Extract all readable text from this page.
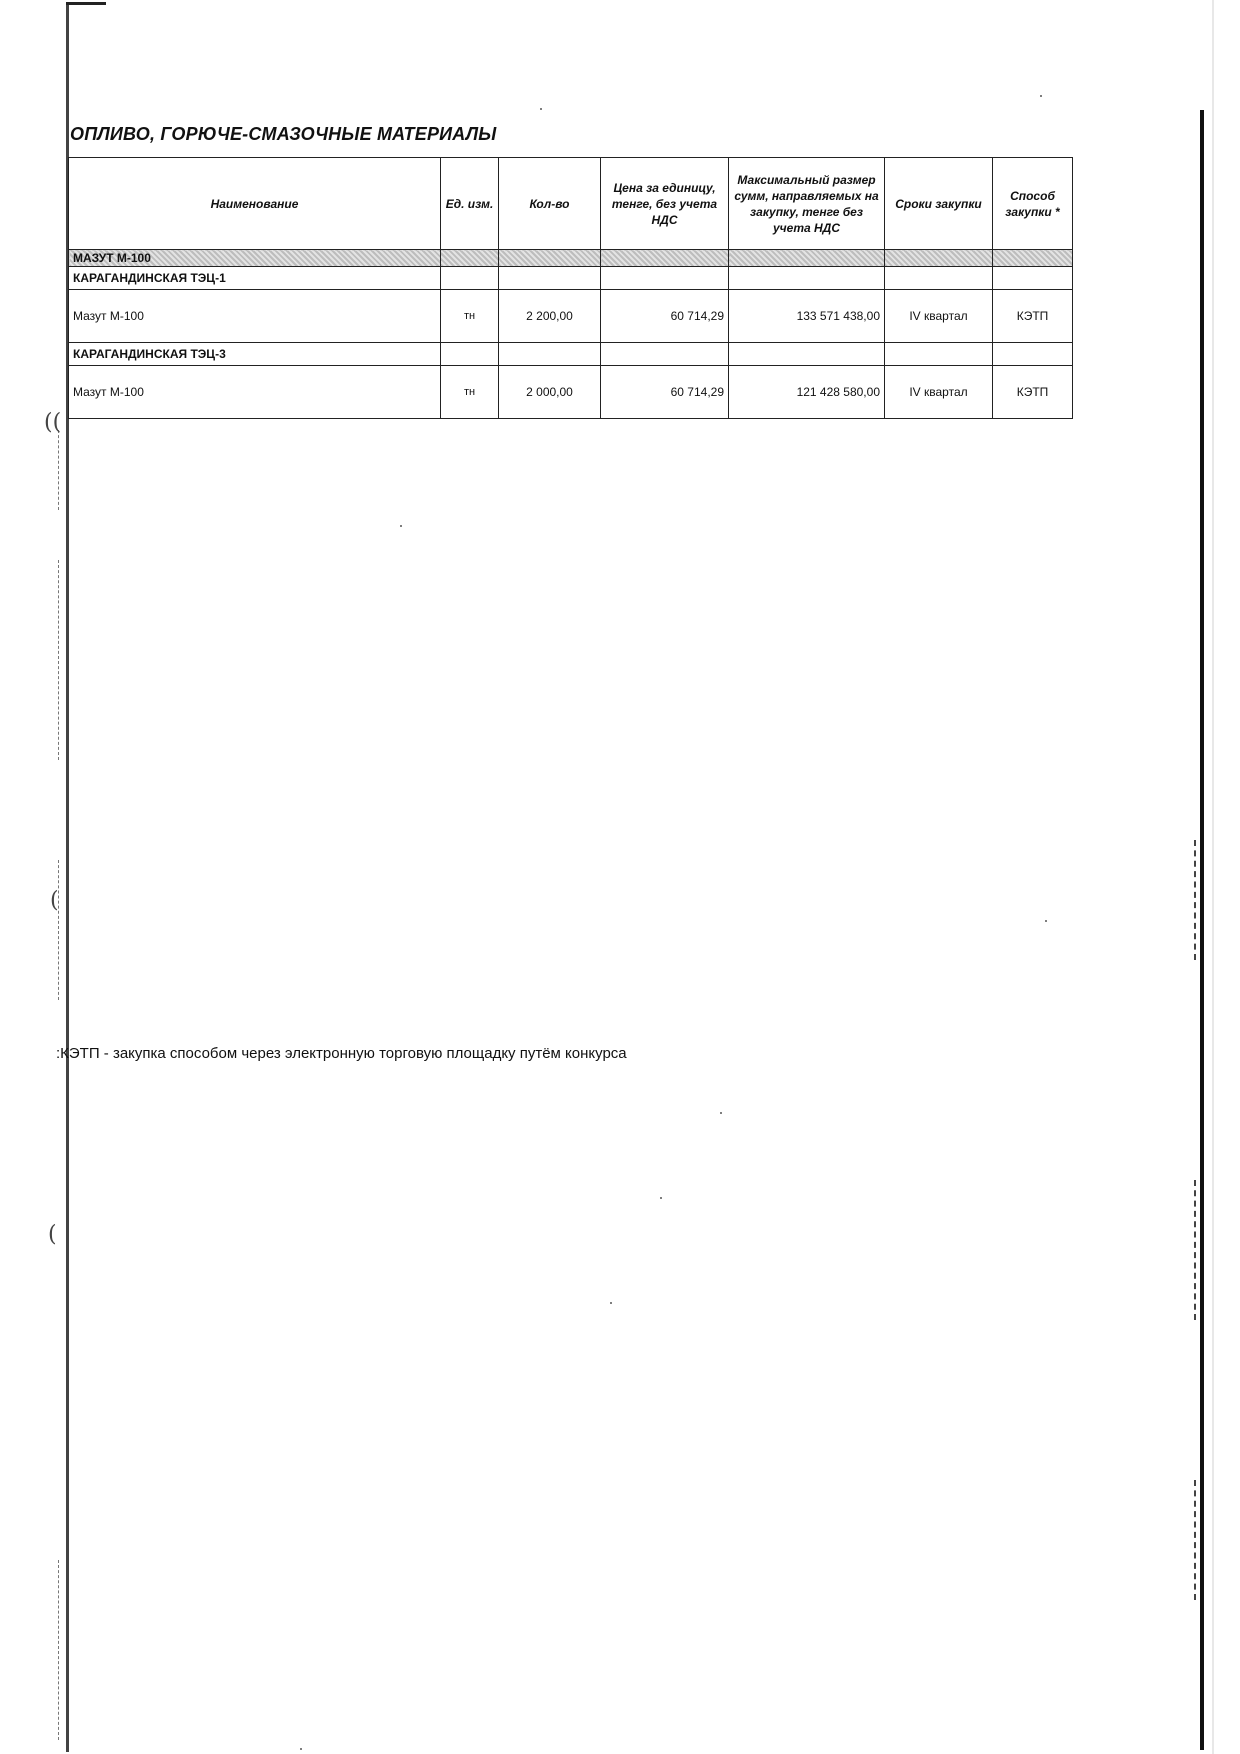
((
(
(
ОПЛИВО, ГОРЮЧЕ-СМАЗОЧНЫЕ МАТЕРИАЛЫ
Наименование	Ед. изм.	Кол-во	Цена за единицу, тенге, без учета НДС	Максимальный размер сумм, направляемых на закупку, тенге без учета НДС	Сроки закупки	Способ закупки *
МАЗУТ М-100						
КАРАГАНДИНСКАЯ ТЭЦ-1						
Мазут М-100	тн	2 200,00	60 714,29	133 571 438,00	IV квартал	КЭТП
КАРАГАНДИНСКАЯ ТЭЦ-3						
Мазут М-100	тн	2 000,00	60 714,29	121 428 580,00	IV квартал	КЭТП
:КЭТП - закупка способом через электронную торговую площадку путём конкурса
